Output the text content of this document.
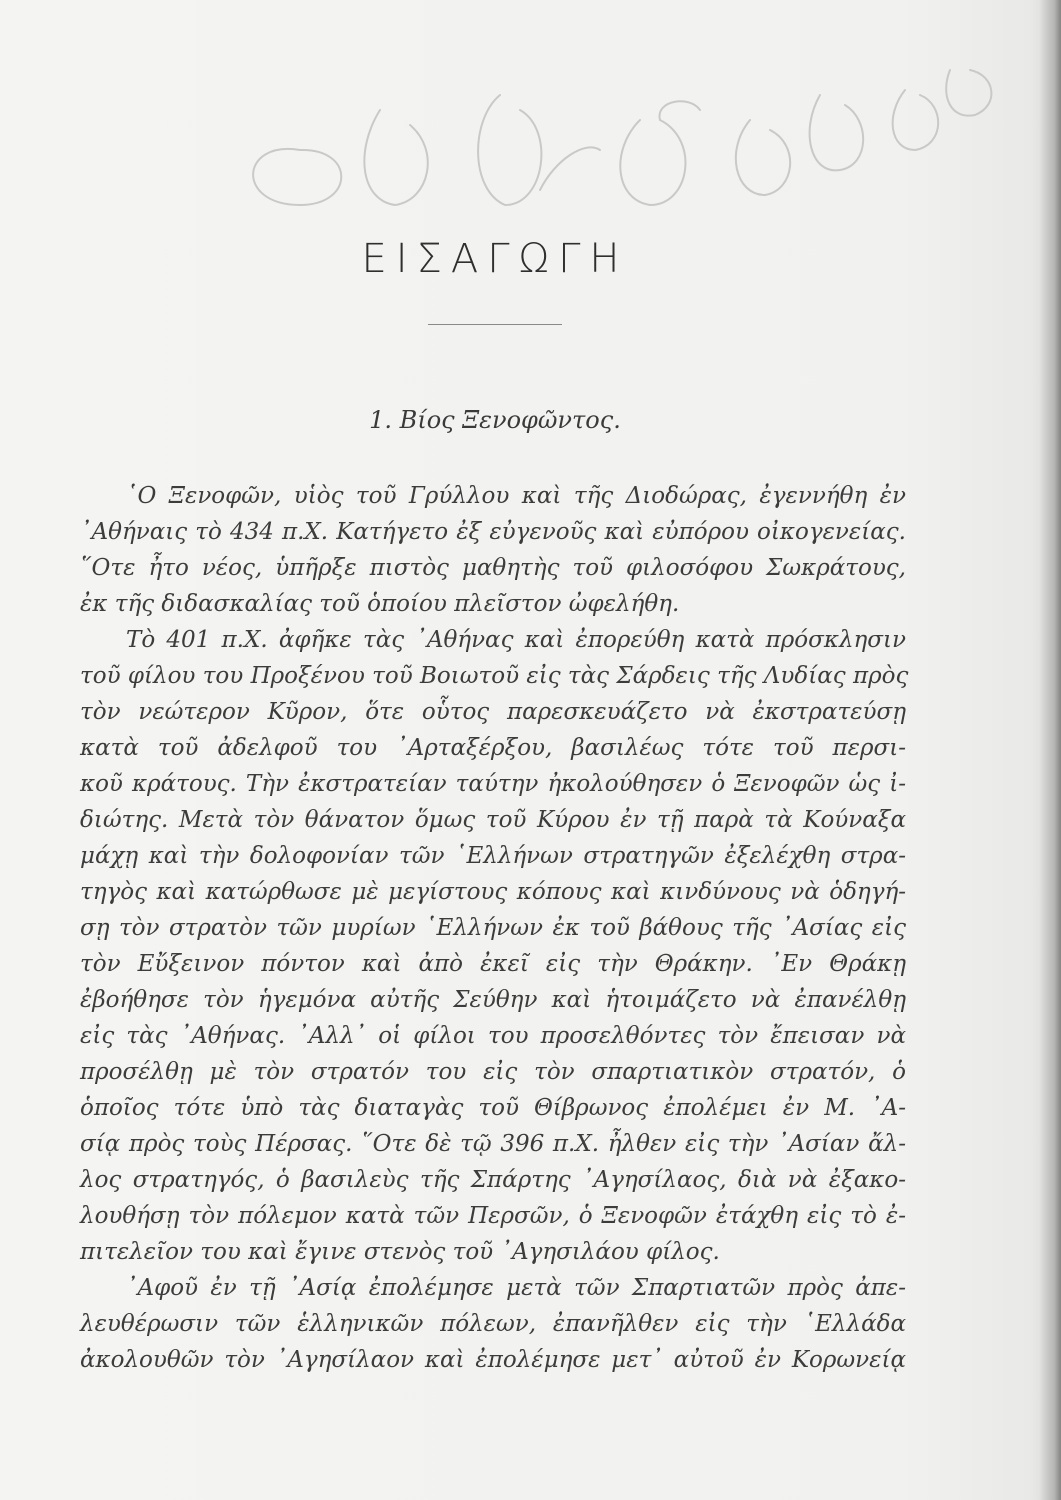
ΕΙΣΑΓΩΓΗ
1. Βίος Ξενοφῶντος.
῾Ο Ξενοφῶν, υἱὸς τοῦ Γρύλλου καὶ τῆς Διοδώρας, ἐγεννήθη ἐν
᾿Αθήναις τὸ 434 π.Χ. Κατήγετο ἐξ εὐγενοῦς καὶ εὐπόρου οἰκογενείας.
῞Οτε ἦτο νέος, ὑπῆρξε πιστὸς μαθητὴς τοῦ φιλοσόφου Σωκράτους,
ἐκ τῆς διδασκαλίας τοῦ ὁποίου πλεῖστον ὠφελήθη.
Τὸ 401 π.Χ. ἀφῆκε τὰς ᾿Αθήνας καὶ ἐπορεύθη κατὰ πρόσκλησιν
τοῦ φίλου του Προξένου τοῦ Βοιωτοῦ εἰς τὰς Σάρδεις τῆς Λυδίας πρὸς
τὸν νεώτερον Κῦρον, ὅτε οὗτος παρεσκευάζετο νὰ ἐκστρατεύσῃ
κατὰ τοῦ ἀδελφοῦ του ᾿Αρταξέρξου, βασιλέως τότε τοῦ περσι-
κοῦ κράτους. Τὴν ἐκστρατείαν ταύτην ἠκολούθησεν ὁ Ξενοφῶν ὡς ἰ-
διώτης. Μετὰ τὸν θάνατον ὅμως τοῦ Κύρου ἐν τῇ παρὰ τὰ Κούναξα
μάχῃ καὶ τὴν δολοφονίαν τῶν ῾Ελλήνων στρατηγῶν ἐξελέχθη στρα-
τηγὸς καὶ κατώρθωσε μὲ μεγίστους κόπους καὶ κινδύνους νὰ ὁδηγή-
σῃ τὸν στρατὸν τῶν μυρίων ῾Ελλήνων ἐκ τοῦ βάθους τῆς ᾿Ασίας εἰς
τὸν Εὔξεινον πόντον καὶ ἀπὸ ἐκεῖ εἰς τὴν Θράκην. ᾿Εν Θράκῃ
ἐβοήθησε τὸν ἡγεμόνα αὐτῆς Σεύθην καὶ ἡτοιμάζετο νὰ ἐπανέλθῃ
εἰς τὰς ᾿Αθήνας. ᾿Αλλ᾿ οἱ φίλοι του προσελθόντες τὸν ἔπεισαν νὰ
προσέλθῃ μὲ τὸν στρατόν του εἰς τὸν σπαρτιατικὸν στρατόν, ὁ
ὁποῖος τότε ὑπὸ τὰς διαταγὰς τοῦ Θίβρωνος ἐπολέμει ἐν Μ. ᾿Α-
σίᾳ πρὸς τοὺς Πέρσας. ῞Οτε δὲ τῷ 396 π.Χ. ἦλθεν εἰς τὴν ᾿Ασίαν ἄλ-
λος στρατηγός, ὁ βασιλεὺς τῆς Σπάρτης ᾿Αγησίλαος, διὰ νὰ ἐξακο-
λουθήσῃ τὸν πόλεμον κατὰ τῶν Περσῶν, ὁ Ξενοφῶν ἐτάχθη εἰς τὸ ἐ-
πιτελεῖον του καὶ ἔγινε στενὸς τοῦ ᾿Αγησιλάου φίλος.
᾿Αφοῦ ἐν τῇ ᾿Ασίᾳ ἐπολέμησε μετὰ τῶν Σπαρτιατῶν πρὸς ἀπε-
λευθέρωσιν τῶν ἑλληνικῶν πόλεων, ἐπανῆλθεν εἰς τὴν ῾Ελλάδα
ἀκολουθῶν τὸν ᾿Αγησίλαον καὶ ἐπολέμησε μετ᾿ αὐτοῦ ἐν Κορωνείᾳ
